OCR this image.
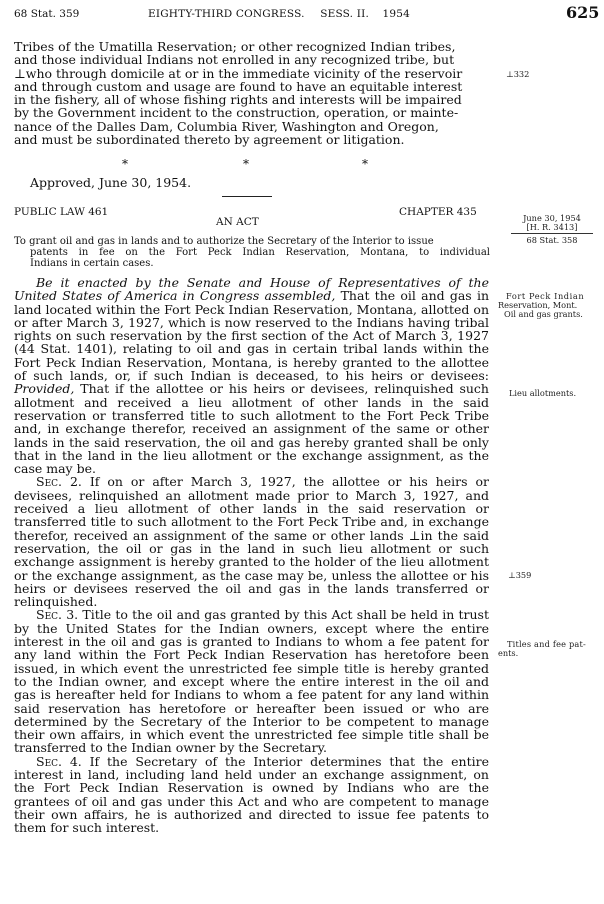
68 Stat. 359	EIGHTY-THIRD CONGRESS. SESS. II. 1954	625
Tribes of the Umatilla Reservation; or other recognized Indian tribes,
and those individual Indians not enrolled in any recognized tribe, but
⊥who through domicile at or in the immediate vicinity of the reservoir
and through custom and usage are found to have an equitable interest
in the fishery, all of whose fishing rights and interests will be impaired
by the Government incident to the construction, operation, or mainte-
nance of the Dalles Dam, Columbia River, Washington and Oregon,
and must be subordinated thereto by agreement or litigation.
⊥332
*	*	*
Approved, June 30, 1954.
PUBLIC LAW 461	CHAPTER 435
AN ACT
To grant oil and gas in lands and to authorize the Secretary of the Interior to issue
patents in fee on the Fort Peck Indian Reservation, Montana, to individual
Indians in certain cases.
June 30, 1954
[H. R. 3413]
68 Stat. 358
Fort Peck Indian
Reservation, Mont.
Oil and gas grants.
Lieu allotments.
⊥359
Titles and fee pat-
ents.

Be it enacted by the Senate and House of Representatives of the United States of America in Congress assembled, That the oil and gas in land located within the Fort Peck Indian Reservation, Montana, allotted on or after March 3, 1927, which is now reserved to the Indians having tribal rights on such reservation by the first section of the Act of March 3, 1927 (44 Stat. 1401), relating to oil and gas in certain tribal lands within the Fort Peck Indian Reservation, Montana, is hereby granted to the allottee of such lands, or, if such Indian is deceased, to his heirs or devisees: Provided, That if the allottee or his heirs or devisees, relinquished such allotment and received a lieu allotment of other lands in the said reservation or transferred title to such allotment to the Fort Peck Tribe and, in exchange therefor, received an assignment of the same or other lands in the said reservation, the oil and gas hereby granted shall be only that in the land in the lieu allotment or the exchange assignment, as the case may be.

Sec. 2. If on or after March 3, 1927, the allottee or his heirs or devisees, relinquished an allotment made prior to March 3, 1927, and received a lieu allotment of other lands in the said reservation or transferred title to such allotment to the Fort Peck Tribe and, in exchange therefor, received an assignment of the same or other lands ⊥in the said reservation, the oil or gas in the land in such lieu allotment or such exchange assignment is hereby granted to the holder of the lieu allotment or the exchange assignment, as the case may be, unless the allottee or his heirs or devisees reserved the oil and gas in the lands transferred or relinquished.

Sec. 3. Title to the oil and gas granted by this Act shall be held in trust by the United States for the Indian owners, except where the entire interest in the oil and gas is granted to Indians to whom a fee patent for any land within the Fort Peck Indian Reservation has heretofore been issued, in which event the unrestricted fee simple title is hereby granted to the Indian owner, and except where the entire interest in the oil and gas is hereafter held for Indians to whom a fee patent for any land within said reservation has heretofore or hereafter been issued or who are determined by the Secretary of the Interior to be competent to manage their own affairs, in which event the unrestricted fee simple title shall be transferred to the Indian owner by the Secretary.

Sec. 4. If the Secretary of the Interior determines that the entire interest in land, including land held under an exchange assignment, on the Fort Peck Indian Reservation is owned by Indians who are the grantees of oil and gas under this Act and who are competent to manage their own affairs, he is authorized and directed to issue fee patents to them for such interest.
